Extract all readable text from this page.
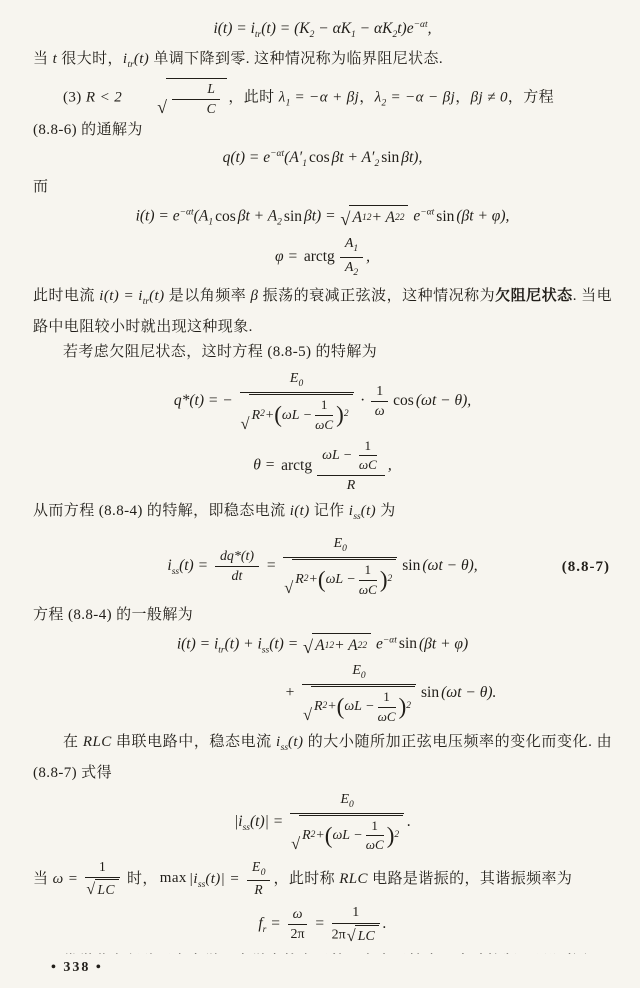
$i(t) = i_{tr}(t) = (K_2 - \alpha K_1 - \alpha K_2t)e^{-\alpha t}$,

当 t 很大时，$i_{tr}(t)$ 单调下降到零. 这种情况称为临界阻尼状态.

(3) R < 2	√ $\frac{L}{C}$ ，此时 $\lambda_1 = -\alpha + \beta j$，$\lambda_2 = -\alpha - \beta j$，βj ≠ 0，方程

(8.8-6) 的通解为

$q(t) = e^{-\alpha t}(A'_1$ $\cos \beta t + A'_2$ sin βt),

而

$i(t) = e^{-\alpha t}(A_1$ $\cos \beta t + A_2$ sin βt) = √ A 1 2 + A 2 2 $e^{-\alpha t}$ sin (βt + φ),
φ = arctg $\frac{A_1}{A_2}$ ,

此时电流 $i(t) = i_{tr}(t)$ 是以角频率 β 振荡的衰减正弦波，这种情况称为欠阻尼状态. 当电路中电阻较小时就出现这种现象.

若考虑欠阻尼状态，这时方程 (8.8-5) 的特解为

q*(t) = − $\frac{E_0}{√ R 2 + ( \omega L - \frac{1}{\omega C} ) 2} \cdot \frac{1}{\omega}$ cos (ωt − θ),
θ = arctg $\frac{\omega L - \frac{1}{\omega C}}{R}$ ,

从而方程 (8.8-4) 的特解，即稳态电流 i(t) 记作 $i_{ss}(t)$ 为

$i_{ss}(t) = \frac{dq*(t)}{dt} = \frac{E_0}{√ R 2 + ( \omega L - \frac{1}{\omega C} ) 2}$ sin (ωt − θ),	(8.8-7)

方程 (8.8-4) 的一般解为

$i(t) = i_{tr}(t) + i_{ss}(t)$ = √ A 1 2 + A 2 2 $e^{-\alpha t}$ sin (βt + φ)
+ $\frac{E_0}{√ R 2 + ( \omega L - \frac{1}{\omega C} ) 2}$ sin (ωt − θ).

在 RLC 串联电路中，稳态电流 $i_{ss}(t)$ 的大小随所加正弦电压频率的变化而变化. 由 (8.8-7) 式得

$|i_{ss}(t)| = \frac{E_0}{√ R 2 + ( \omega L - \frac{1}{\omega C} ) 2}$ .

当 $\omega = \frac{1}{√ LC}$ 时， $\max |i_{ss}(t)| = \frac{E_0}{R}$ ，此时称 RLC 电路是谐振的，其谐振频率为

$f_r = \frac{\omega}{2\pi} = \frac{1}{2\pi √ LC}$ .

• 338 •
